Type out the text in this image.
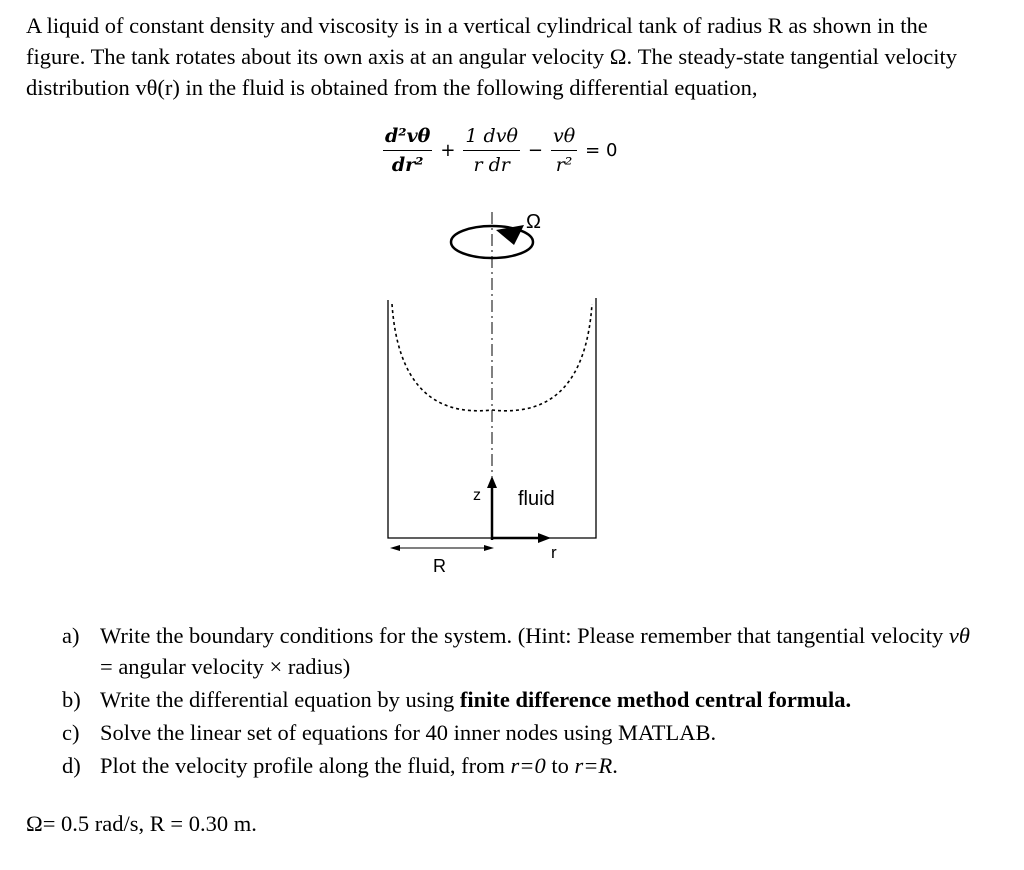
A liquid of constant density and viscosity is in a vertical cylindrical tank of radius R as shown in the figure. The tank rotates about its own axis at an angular velocity Ω. The steady-state tangential velocity distribution vθ(r) in the fluid is obtained from the following differential equation,

$\frac{\text{d²vθ}}{\text{dr²}} + \frac{\text{1 dvθ}}{\text{r dr}} - \frac{v\theta}{\text{r²}} = 0$
Ω
z
r
fluid
R
a) Write the boundary conditions for the system. (Hint: Please remember that tangential velocity vθ = angular velocity × radius)
b) Write the differential equation by using finite difference method central formula.
c) Solve the linear set of equations for 40 inner nodes using MATLAB.
d) Plot the velocity profile along the fluid, from r=0 to r=R.

Ω= 0.5 rad/s, R = 0.30 m.
